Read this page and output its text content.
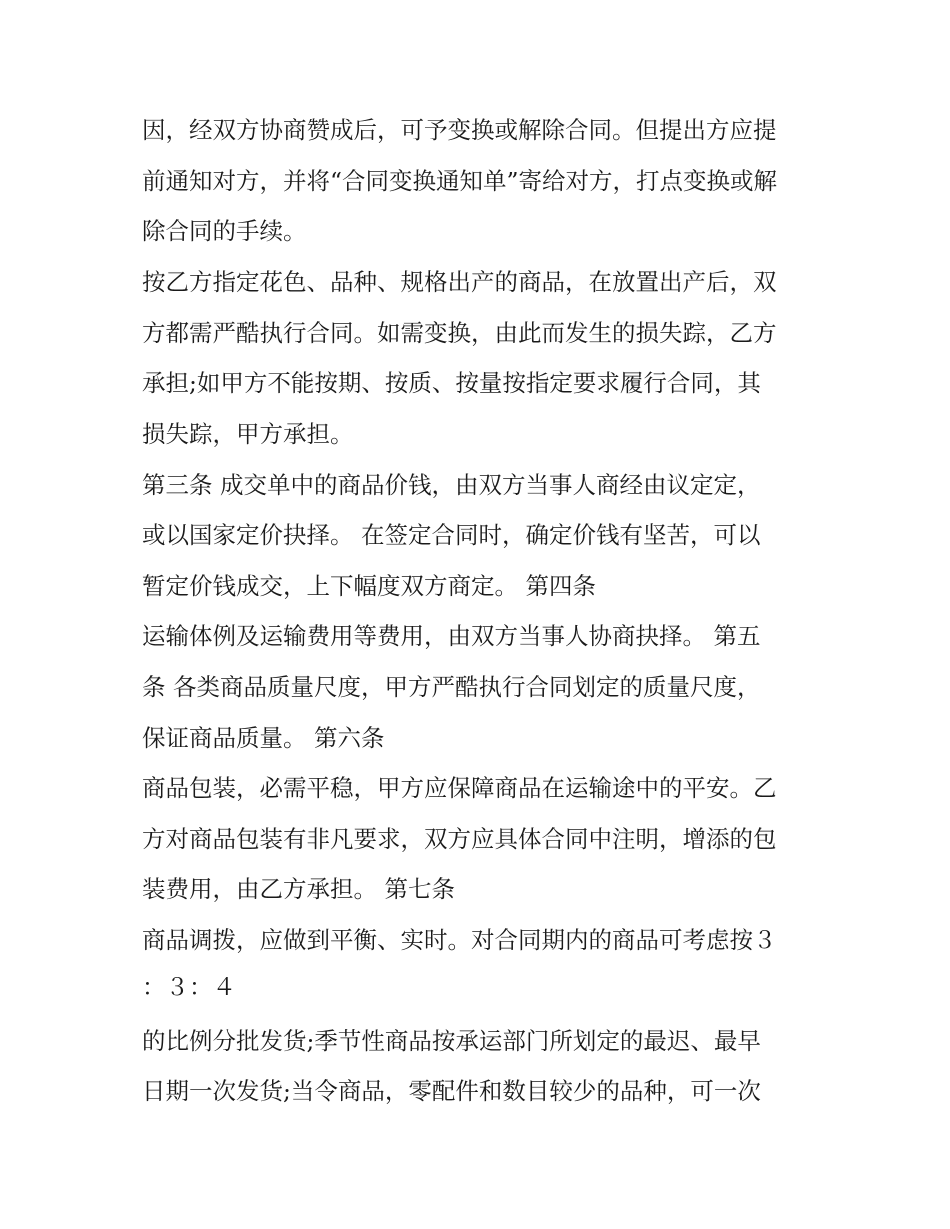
因，经双方协商赞成后，可予变换或解除合同。但提出方应提
前通知对方，并将“合同变换通知单”寄给对方，打点变换或解
除合同的手续。
按乙方指定花色、品种、规格出产的商品，在放置出产后，双
方都需严酷执行合同。如需变换，由此而发生的损失踪，乙方
承担;如甲方不能按期、按质、按量按指定要求履行合同，其
损失踪，甲方承担。
第三条 成交单中的商品价钱，由双方当事人商经由议定定，
或以国家定价抉择。 在签定合同时，确定价钱有坚苦，可以
暂定价钱成交，上下幅度双方商定。 第四条
运输体例及运输费用等费用，由双方当事人协商抉择。 第五
条 各类商品质量尺度，甲方严酷执行合同划定的质量尺度，
保证商品质量。 第六条
商品包装，必需平稳，甲方应保障商品在运输途中的平安。乙
方对商品包装有非凡要求，双方应具体合同中注明，增添的包
装费用，由乙方承担。 第七条
商品调拨，应做到平衡、实时。对合同期内的商品可考虑按３
：３：４
的比例分批发货;季节性商品按承运部门所划定的最迟、最早
日期一次发货;当令商品，零配件和数目较少的品种，可一次
